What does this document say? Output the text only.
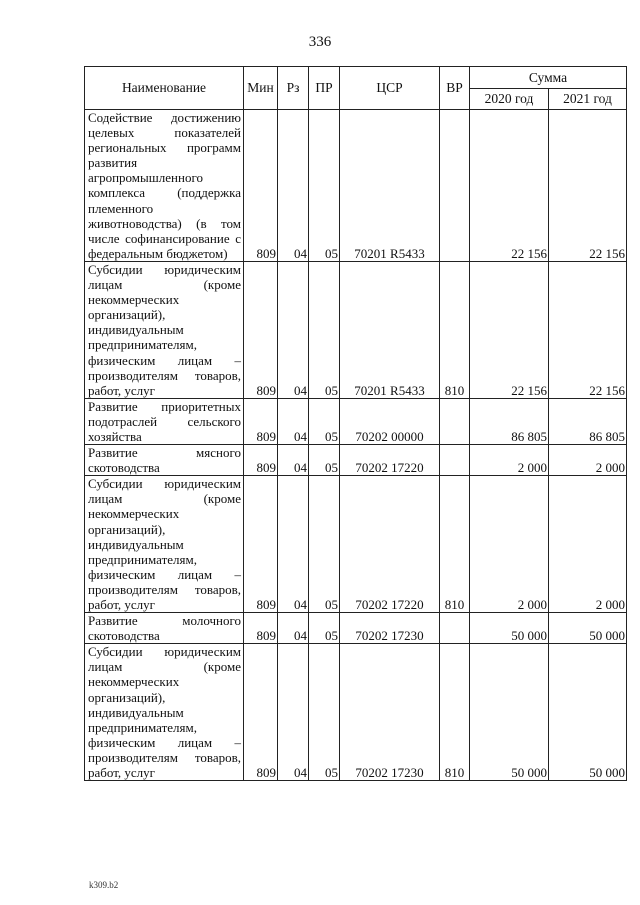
336
Наименование	Мин	Рз	ПР	ЦСР	ВР	Сумма	
						2020 год	2021 год
Содействие достижению целевых показателей региональных программ развития агропромышленного комплекса (поддержка племенного животноводства) (в том числе софинансирование с федеральным бюджетом)	809	04	05	70201 R5433		22 156	22 156
Субсидии юридическим лицам (кроме некоммерческих организаций), индивидуальным предпринимателям, физическим лицам – производителям товаров, работ, услуг	809	04	05	70201 R5433	810	22 156	22 156
Развитие приоритетных подотраслей сельского хозяйства	809	04	05	70202 00000		86 805	86 805
Развитие мясного скотоводства	809	04	05	70202 17220		2 000	2 000
Субсидии юридическим лицам (кроме некоммерческих организаций), индивидуальным предпринимателям, физическим лицам – производителям товаров, работ, услуг	809	04	05	70202 17220	810	2 000	2 000
Развитие молочного скотоводства	809	04	05	70202 17230		50 000	50 000
Субсидии юридическим лицам (кроме некоммерческих организаций), индивидуальным предпринимателям, физическим лицам – производителям товаров, работ, услуг	809	04	05	70202 17230	810	50 000	50 000
k309.b2
